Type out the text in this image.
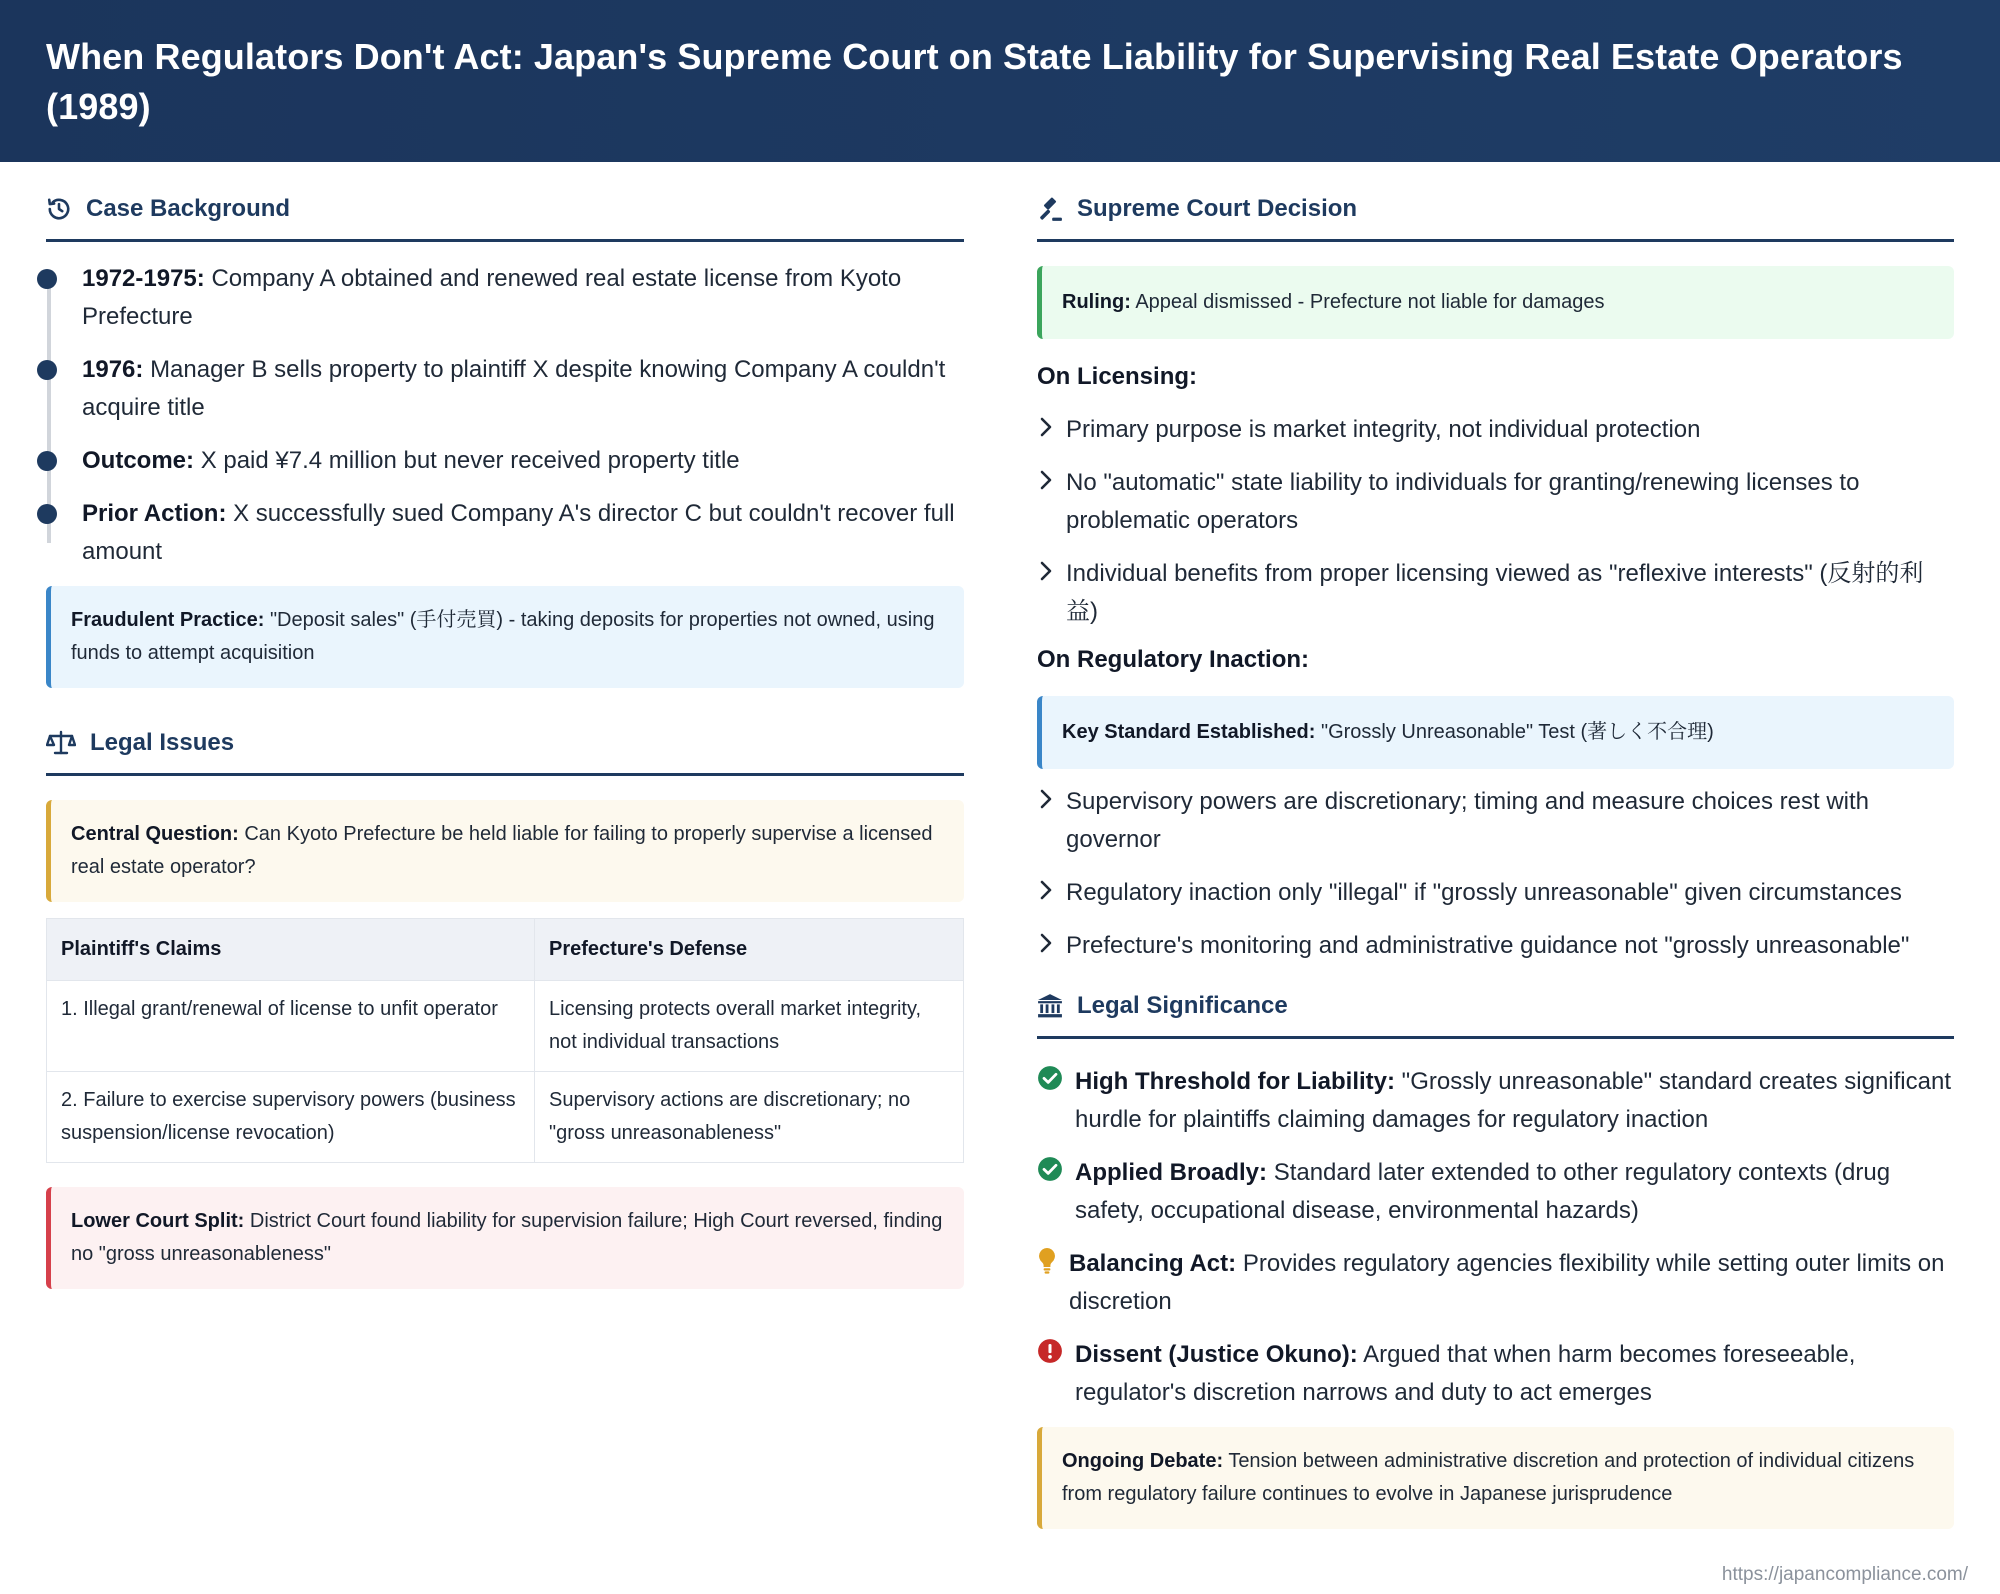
When Regulators Don't Act: Japan's Supreme Court on State Liability for Supervising Real Estate Operators (1989)
Case Background
1972-1975: Company A obtained and renewed real estate license from Kyoto Prefecture
1976: Manager B sells property to plaintiff X despite knowing Company A couldn't acquire title
Outcome: X paid ¥7.4 million but never received property title
Prior Action: X successfully sued Company A's director C but couldn't recover full amount
Fraudulent Practice: "Deposit sales" (手付売買) - taking deposits for properties not owned, using funds to attempt acquisition
Legal Issues
Central Question: Can Kyoto Prefecture be held liable for failing to properly supervise a licensed real estate operator?
Plaintiff's Claims	Prefecture's Defense
1. Illegal grant/renewal of license to unfit operator	Licensing protects overall market integrity, not individual transactions
2. Failure to exercise supervisory powers (business suspension/license revocation)	Supervisory actions are discretionary; no "gross unreasonableness"
Lower Court Split: District Court found liability for supervision failure; High Court reversed, finding no "gross unreasonableness"
Supreme Court Decision
Ruling: Appeal dismissed - Prefecture not liable for damages
On Licensing:
Primary purpose is market integrity, not individual protection
No "automatic" state liability to individuals for granting/renewing licenses to problematic operators
Individual benefits from proper licensing viewed as "reflexive interests" (反射的利益)
On Regulatory Inaction:
Key Standard Established: "Grossly Unreasonable" Test (著しく不合理)
Supervisory powers are discretionary; timing and measure choices rest with governor
Regulatory inaction only "illegal" if "grossly unreasonable" given circumstances
Prefecture's monitoring and administrative guidance not "grossly unreasonable"
Legal Significance
High Threshold for Liability: "Grossly unreasonable" standard creates significant hurdle for plaintiffs claiming damages for regulatory inaction
Applied Broadly: Standard later extended to other regulatory contexts (drug safety, occupational disease, environmental hazards)
Balancing Act: Provides regulatory agencies flexibility while setting outer limits on discretion
Dissent (Justice Okuno): Argued that when harm becomes foreseeable, regulator's discretion narrows and duty to act emerges
Ongoing Debate: Tension between administrative discretion and protection of individual citizens from regulatory failure continues to evolve in Japanese jurisprudence
https://japancompliance.com/
